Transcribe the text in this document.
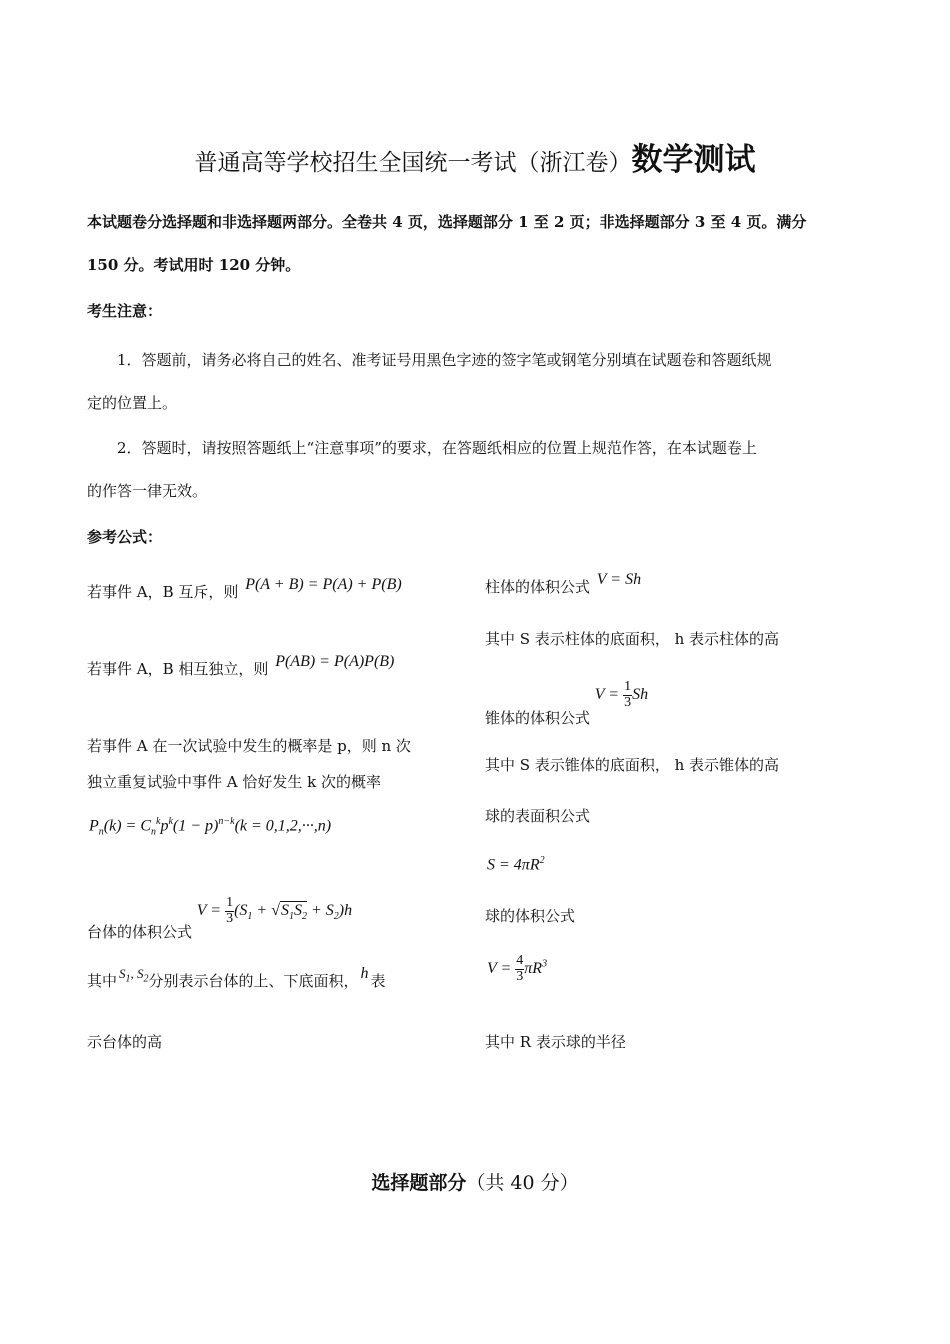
普通高等学校招生全国统一考试（浙江卷）数学测试
本试题卷分选择题和非选择题两部分。全卷共 4 页，选择题部分 1 至 2 页；非选择题部分 3 至 4 页。满分
150 分。考试用时 120 分钟。
考生注意：
1．答题前，请务必将自己的姓名、准考证号用黑色字迹的签字笔或钢笔分别填在试题卷和答题纸规
定的位置上。
2．答题时，请按照答题纸上“注意事项”的要求，在答题纸相应的位置上规范作答，在本试题卷上
的作答一律无效。
参考公式：
若事件 A，B 互斥，则 P(A + B) = P(A) + P(B)
若事件 A，B 相互独立，则 P(AB) = P(A)P(B)
若事件 A 在一次试验中发生的概率是 p，则 n 次
独立重复试验中事件 A 恰好发生 k 次的概率
$P_n(k) = C_n^kp^k(1 - p)^{n-k}(k = 0,1,2,\cdot\cdot\cdot,n)$
台体的体积公式 $V = \frac{1}{3} (S_1 + √S_1S_2 + S_2)h$
其中 $S_1$, $S_2$分别表示台体的上、下底面积， h 表
示台体的高
柱体的体积公式 V = Sh
其中 S 表示柱体的底面积， h 表示柱体的高
锥体的体积公式 $V = \frac{1}{3}$ Sh
其中 S 表示锥体的底面积， h 表示锥体的高
球的表面积公式
$S = 4\pi R^2$
球的体积公式
$V = \frac{4}{3} \pi R^3$
其中 R 表示球的半径
选择题部分（共 40 分）
